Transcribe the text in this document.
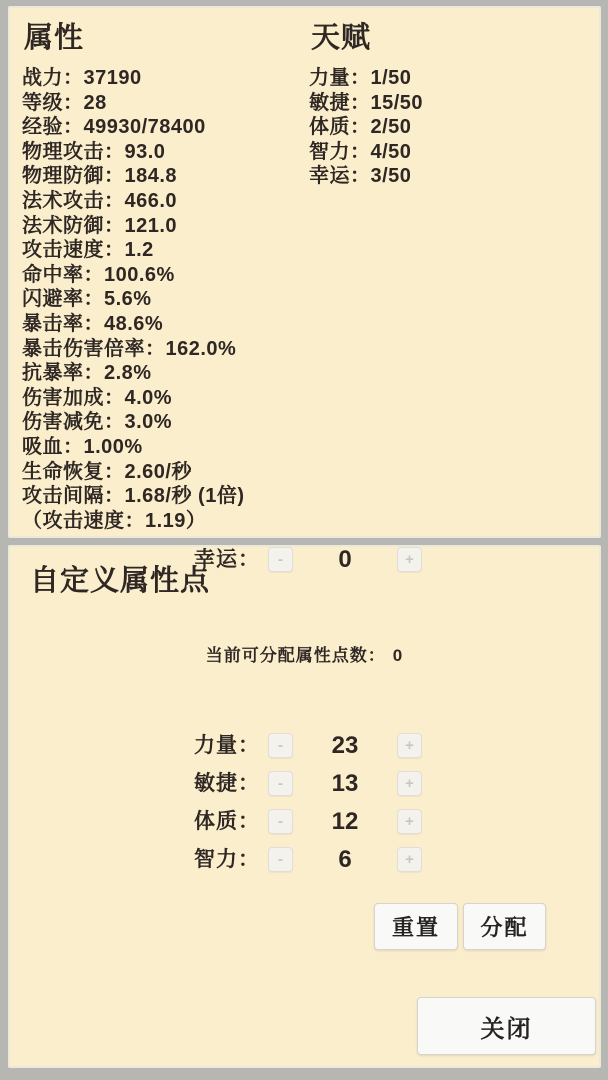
属性	天赋
战力：37190
等级：28
经验：49930/78400
物理攻击：93.0
物理防御：184.8
法术攻击：466.0
法术防御：121.0
攻击速度：1.2
命中率：100.6%
闪避率：5.6%
暴击率：48.6%
暴击伤害倍率：162.0%
抗暴率：2.8%
伤害加成：4.0%
伤害减免：3.0%
吸血：1.00%
生命恢复：2.60/秒
攻击间隔：1.68/秒 (1倍)
（攻击速度：1.19）
力量：1/50
敏捷：15/50
体质：2/50
智力：4/50
幸运：3/50
自定义属性点
当前可分配属性点数： 0
力量：	-	23	+
敏捷：	-	13	+
体质：	-	12	+
智力：	-	6	+
幸运：	-	0	+
重置	分配
关闭
